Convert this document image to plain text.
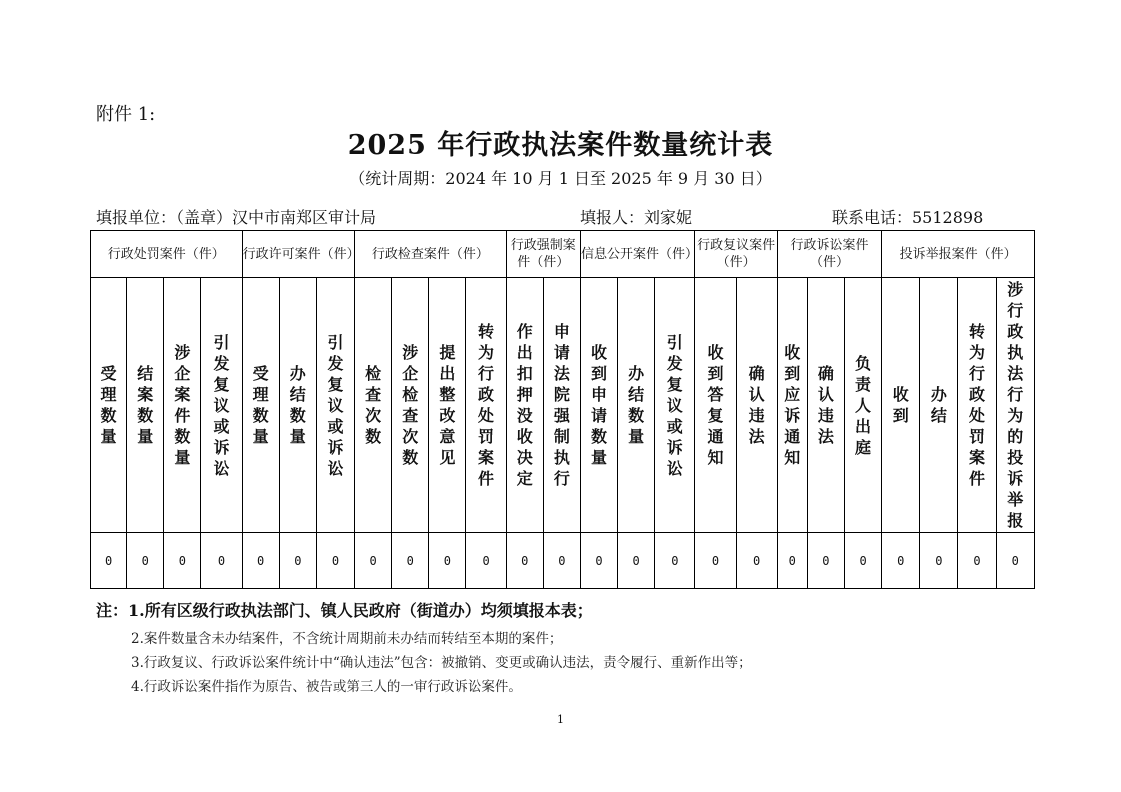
附件 1:
2025 年行政执法案件数量统计表
（统计周期：2024 年 10 月 1 日至 2025 年 9 月 30 日）
填报单位：（盖章）汉中市南郑区审计局	填报人：刘家妮	联系电话：5512898
行政处罚案件（件）				行政许可案件（件）			行政检查案件（件）				行政强制案件（件）		信息公开案件（件）			行政复议案件（件）		行政诉讼案件（件）			投诉举报案件（件）			
受理数量	结案数量	涉企案件数量	引发复议或诉讼	受理数量	办结数量	引发复议或诉讼	检查次数	涉企检查次数	提出整改意见	转为行政处罚案件	作出扣押没收决定	申请法院强制执行	收到申请数量	办结数量	引发复议或诉讼	收到答复通知	确认违法	收到应诉通知	确认违法	负责人出庭	收到	办结	转为行政处罚案件	涉行政执法行为的投诉举报
0	0	0	0	0	0	0	0	0	0	0	0	0	0	0	0	0	0	0	0	0	0	0	0	0
注：1.所有区级行政执法部门、镇人民政府（街道办）均须填报本表；
2.案件数量含未办结案件，不含统计周期前未办结而转结至本期的案件；
3.行政复议、行政诉讼案件统计中“确认违法”包含：被撤销、变更或确认违法，责令履行、重新作出等；
4.行政诉讼案件指作为原告、被告或第三人的一审行政诉讼案件。
1
